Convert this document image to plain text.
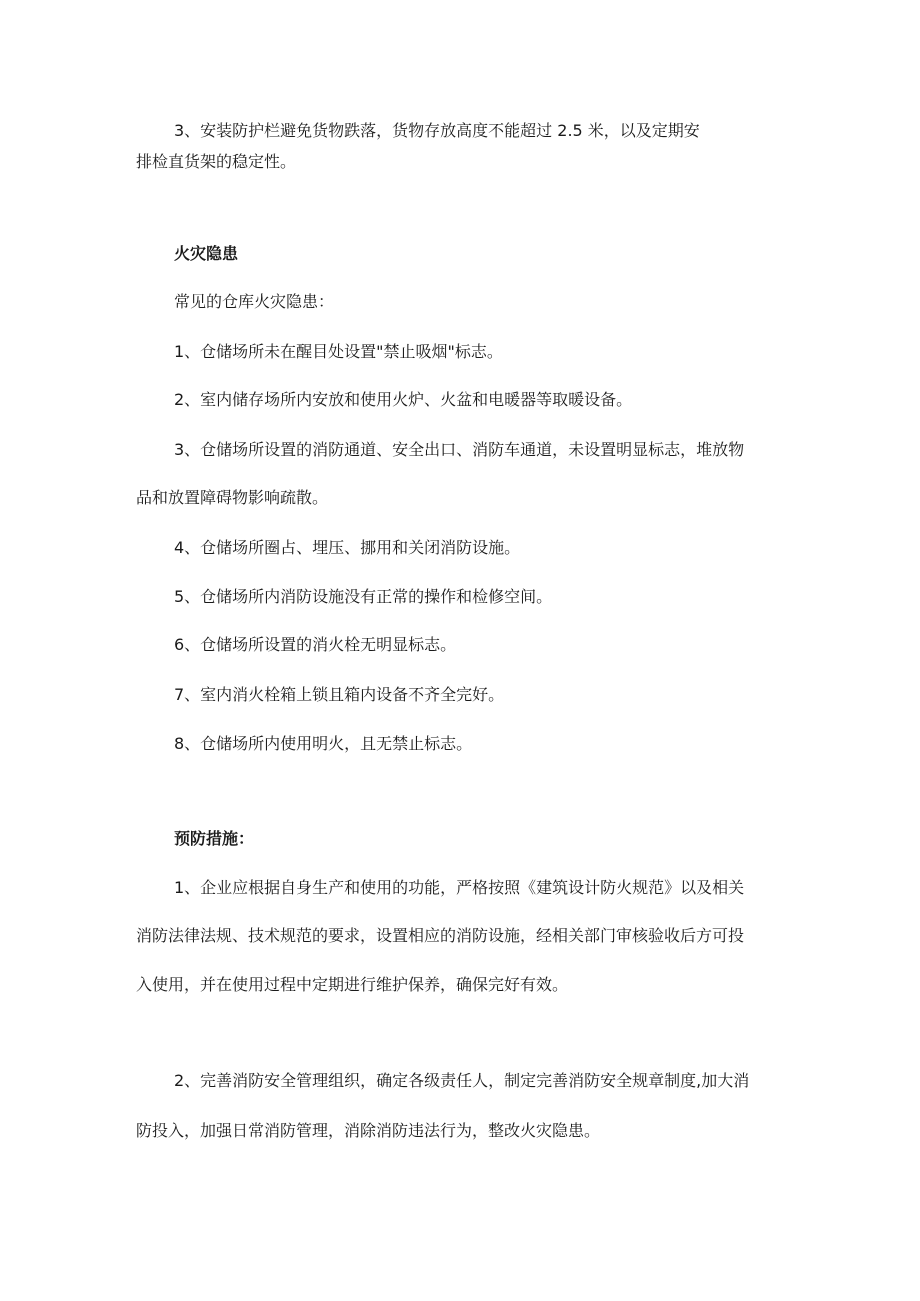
3、安装防护栏避免货物跌落，货物存放高度不能超过 2.5 米，以及定期安
排检直货架的稳定性。
火灾隐患
常见的仓库火灾隐患：
1、仓储场所未在醒目处设置"禁止吸烟"标志。
2、室内储存场所内安放和使用火炉、火盆和电暖器等取暖设备。
3、仓储场所设置的消防通道、安全出口、消防车通道，未设置明显标志，堆放物
品和放置障碍物影响疏散。
4、仓储场所圈占、埋压、挪用和关闭消防设施。
5、仓储场所内消防设施没有正常的操作和检修空间。
6、仓储场所设置的消火栓无明显标志。
7、室内消火栓箱上锁且箱内设备不齐全完好。
8、仓储场所内使用明火，且无禁止标志。
预防措施：
1、企业应根据自身生产和使用的功能，严格按照《建筑设计防火规范》以及相关
消防法律法规、技术规范的要求，设置相应的消防设施，经相关部门审核验收后方可投
入使用，并在使用过程中定期进行维护保养，确保完好有效。
2、完善消防安全管理组织，确定各级责任人，制定完善消防安全规章制度,加大消
防投入，加强日常消防管理，消除消防违法行为，整改火灾隐患。
